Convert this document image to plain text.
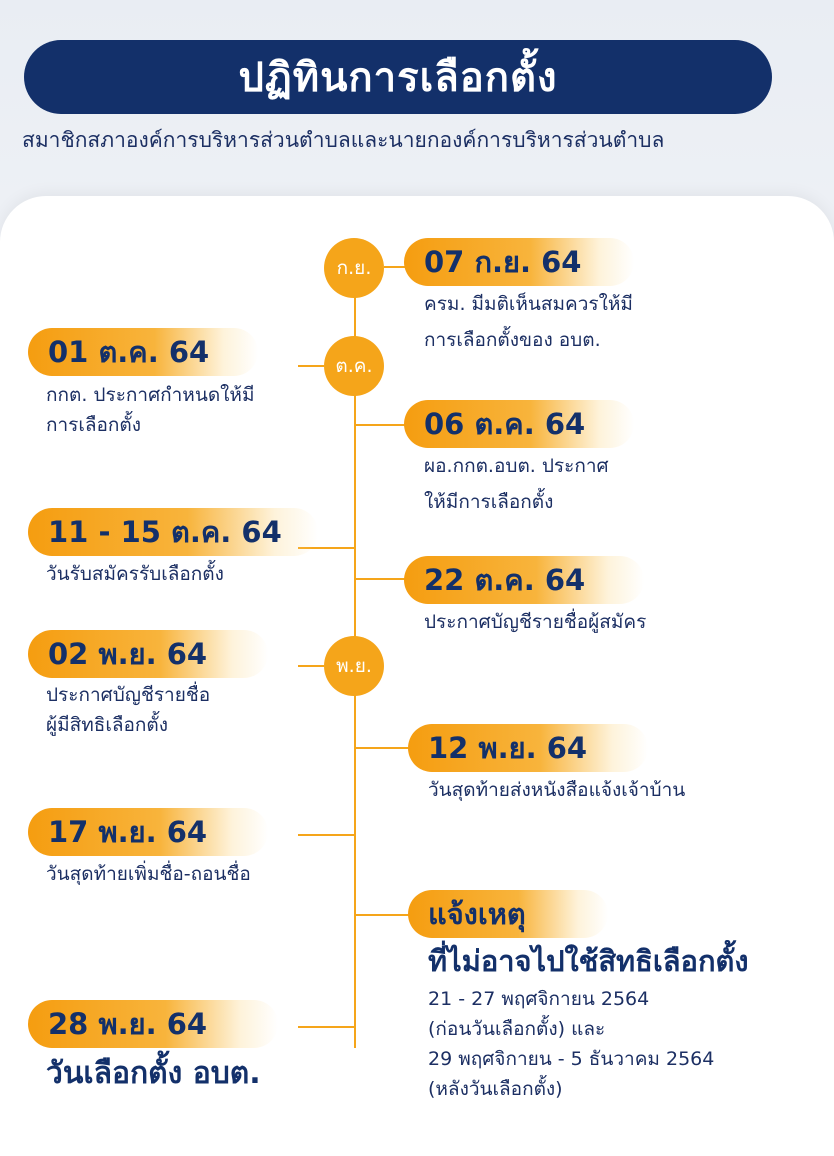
ปฏิทินการเลือกตั้ง
สมาชิกสภาองค์การบริหารส่วนตำบลและนายกองค์การบริหารส่วนตำบล
ก.ย.
ต.ค.
พ.ย.
07 ก.ย. 64
ครม. มีมติเห็นสมควรให้มี
การเลือกตั้งของ อบต.
01 ต.ค. 64
กกต. ประกาศกำหนดให้มี
การเลือกตั้ง	06 ต.ค. 64
ผอ.กกต.อบต. ประกาศ
ให้มีการเลือกตั้ง
11 - 15 ต.ค. 64
วันรับสมัครรับเลือกตั้ง	22 ต.ค. 64
ประกาศบัญชีรายชื่อผู้สมัคร
02 พ.ย. 64
ประกาศบัญชีรายชื่อ
ผู้มีสิทธิเลือกตั้ง
12 พ.ย. 64
วันสุดท้ายส่งหนังสือแจ้งเจ้าบ้าน
17 พ.ย. 64
วันสุดท้ายเพิ่มชื่อ-ถอนชื่อ
แจ้งเหตุ
ที่ไม่อาจไปใช้สิทธิเลือกตั้ง
21 - 27 พฤศจิกายน 2564
(ก่อนวันเลือกตั้ง) และ
29 พฤศจิกายน - 5 ธันวาคม 2564
(หลังวันเลือกตั้ง)
28 พ.ย. 64
วันเลือกตั้ง อบต.
